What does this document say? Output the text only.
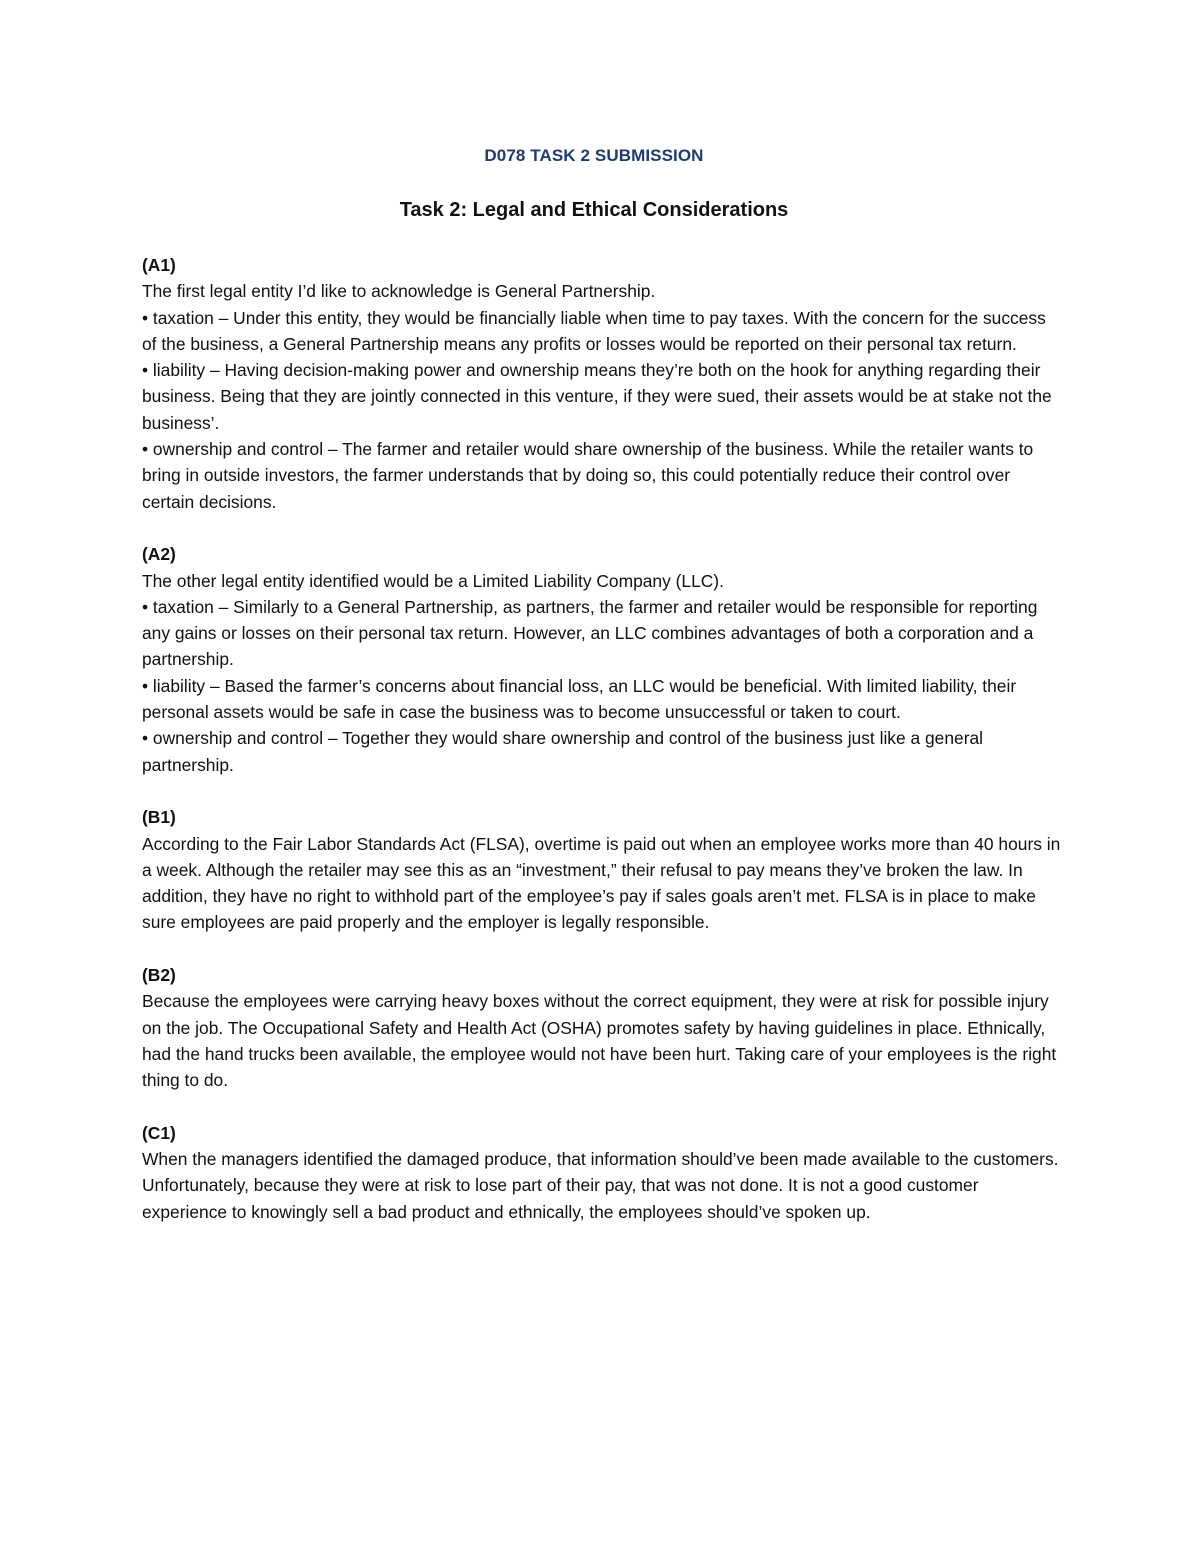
D078 TASK 2 SUBMISSION
Task 2: Legal and Ethical Considerations

(A1)

The first legal entity I’d like to acknowledge is General Partnership.

• taxation – Under this entity, they would be financially liable when time to pay taxes. With the concern for the success of the business, a General Partnership means any profits or losses would be reported on their personal tax return.

• liability – Having decision-making power and ownership means they’re both on the hook for anything regarding their business. Being that they are jointly connected in this venture, if they were sued, their assets would be at stake not the business’.

• ownership and control – The farmer and retailer would share ownership of the business. While the retailer wants to bring in outside investors, the farmer understands that by doing so, this could potentially reduce their control over certain decisions.

(A2)

The other legal entity identified would be a Limited Liability Company (LLC).

• taxation – Similarly to a General Partnership, as partners, the farmer and retailer would be responsible for reporting any gains or losses on their personal tax return. However, an LLC combines advantages of both a corporation and a partnership.

• liability – Based the farmer’s concerns about financial loss, an LLC would be beneficial. With limited liability, their personal assets would be safe in case the business was to become unsuccessful or taken to court.

• ownership and control – Together they would share ownership and control of the business just like a general partnership.

(B1)

According to the Fair Labor Standards Act (FLSA), overtime is paid out when an employee works more than 40 hours in a week. Although the retailer may see this as an “investment,” their refusal to pay means they’ve broken the law. In addition, they have no right to withhold part of the employee’s pay if sales goals aren’t met. FLSA is in place to make sure employees are paid properly and the employer is legally responsible.

(B2)

Because the employees were carrying heavy boxes without the correct equipment, they were at risk for possible injury on the job. The Occupational Safety and Health Act (OSHA) promotes safety by having guidelines in place. Ethnically, had the hand trucks been available, the employee would not have been hurt. Taking care of your employees is the right thing to do.

(C1)

When the managers identified the damaged produce, that information should’ve been made available to the customers. Unfortunately, because they were at risk to lose part of their pay, that was not done. It is not a good customer experience to knowingly sell a bad product and ethnically, the employees should’ve spoken up.
